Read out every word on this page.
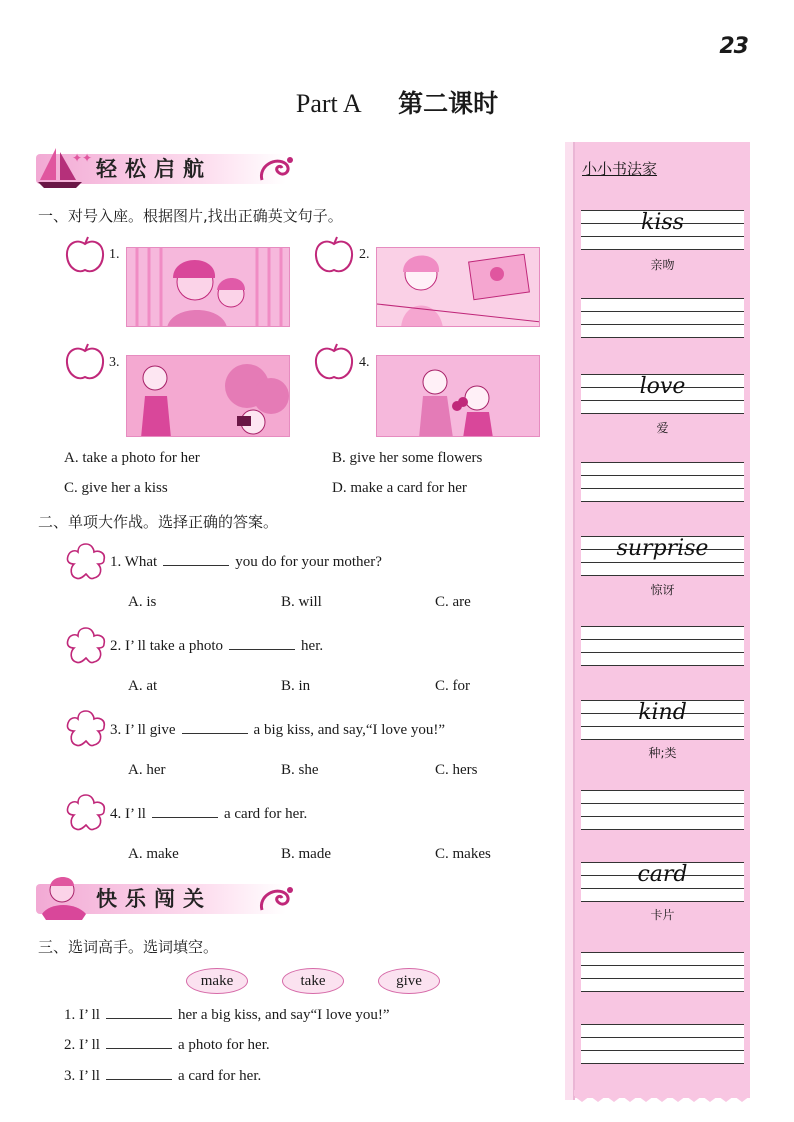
23
Part A 第二课时
✦✦ 轻松启航
一、对号入座。根据图片,找出正确英文句子。
1.	2.
3.	4.
A. take a photo for her	B. give her some flowers
C. give her a kiss	D. make a card for her
二、单项大作战。选择正确的答案。
1. What	you do for your mother?
A. is	B. will	C. are
2. I’ ll take a photo	her.
A. at	B. in	C. for
3. I’ ll give	a big kiss, and say,“I love you!”
A. her	B. she	C. hers
4. I’ ll	a card for her.
A. make	B. made	C. makes
快乐闯关
三、选词高手。选词填空。
make	take	give
1. I’ ll	her a big kiss, and say“I love you!”
2. I’ ll	a photo for her.
3. I’ ll	a card for her.
小小书法家
kiss
亲吻
love
爱
surprise
惊讶
kind
种;类
card
卡片
